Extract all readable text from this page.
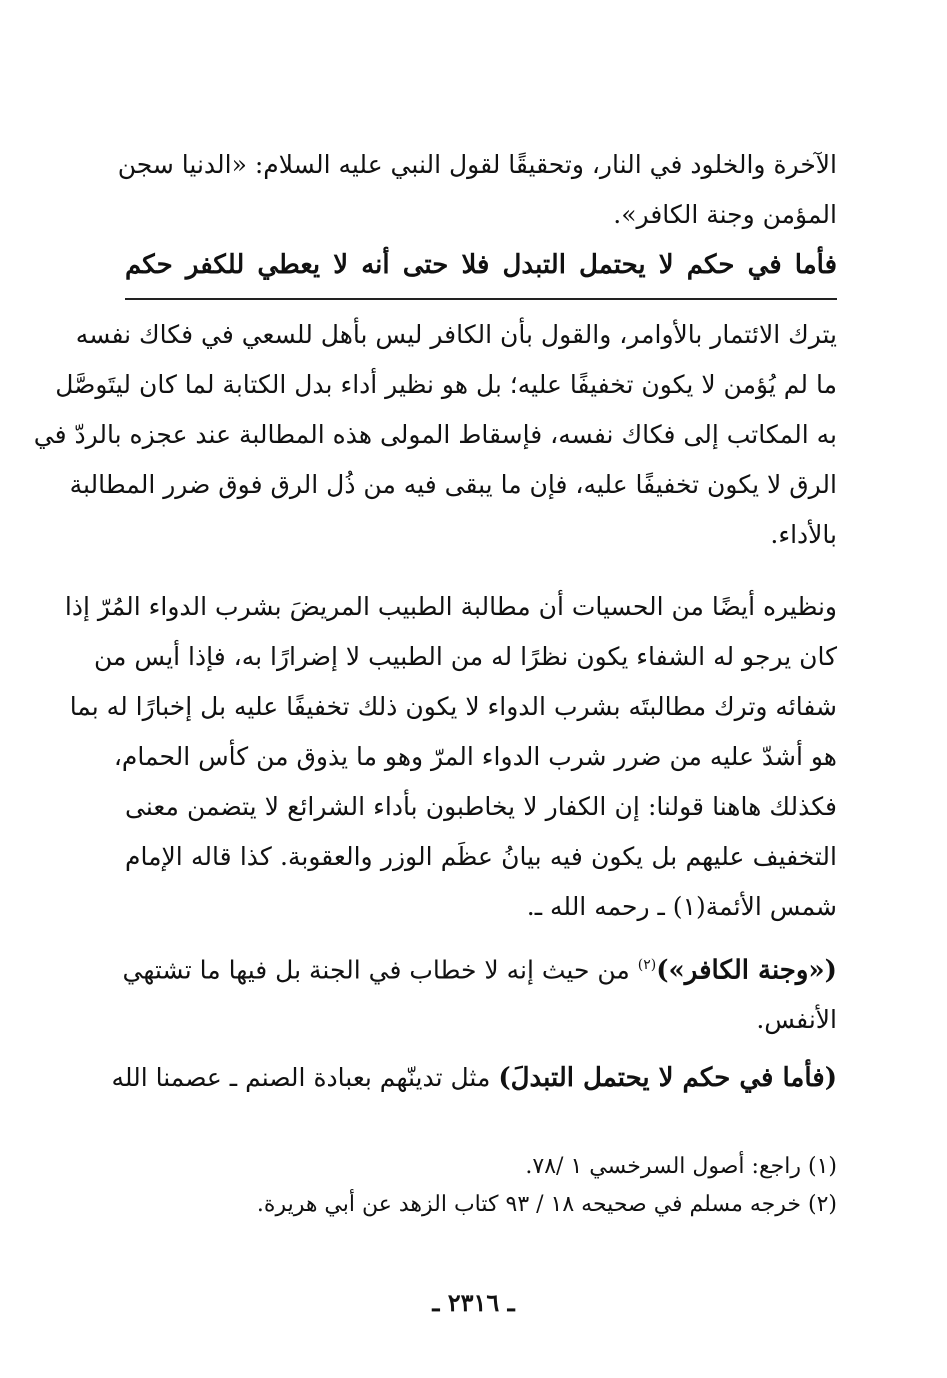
الآخرة والخلود في النار، وتحقيقًا لقول النبي عليه السلام: «الدنيا سجن
المؤمن وجنة الكافر».
فأما في حكم لا يحتمل التبدل فلا حتى أنه لا يعطي للكفر حكم
يترك الائتمار بالأوامر، والقول بأن الكافر ليس بأهل للسعي في فكاك نفسه
ما لم يُؤمن لا يكون تخفيفًا عليه؛ بل هو نظير أداء بدل الكتابة لما كان ليتَوصَّل
به المكاتب إلى فكاك نفسه، فإسقاط المولى هذه المطالبة عند عجزه بالردّ في
الرق لا يكون تخفيفًا عليه، فإن ما يبقى فيه من ذُل الرق فوق ضرر المطالبة
بالأداء.
ونظيره أيضًا من الحسيات أن مطالبة الطبيب المريضَ بشرب الدواء المُرّ إذا
كان يرجو له الشفاء يكون نظرًا له من الطبيب لا إضرارًا به، فإذا أيس من
شفائه وترك مطالبتَه بشرب الدواء لا يكون ذلك تخفيفًا عليه بل إخبارًا له بما
هو أشدّ عليه من ضرر شرب الدواء المرّ وهو ما يذوق من كأس الحمام،
فكذلك هاهنا قولنا: إن الكفار لا يخاطبون بأداء الشرائع لا يتضمن معنى
التخفيف عليهم بل يكون فيه بيانُ عظَم الوزر والعقوبة. كذا قاله الإمام
شمس الأئمة(١) ـ رحمه الله ـ.
(«وجنة الكافر»)$^{(٢)}$ من حيث إنه لا خطاب في الجنة بل فيها ما تشتهي
الأنفس.
(فأما في حكم لا يحتمل التبدلَ) مثل تدينّهم بعبادة الصنم ـ عصمنا الله
(١) راجع: أصول السرخسي ١ /٧٨.
(٢) خرجه مسلم في صحيحه ١٨ / ٩٣ كتاب الزهد عن أبي هريرة.
ـ ٢٣١٦ ـ
